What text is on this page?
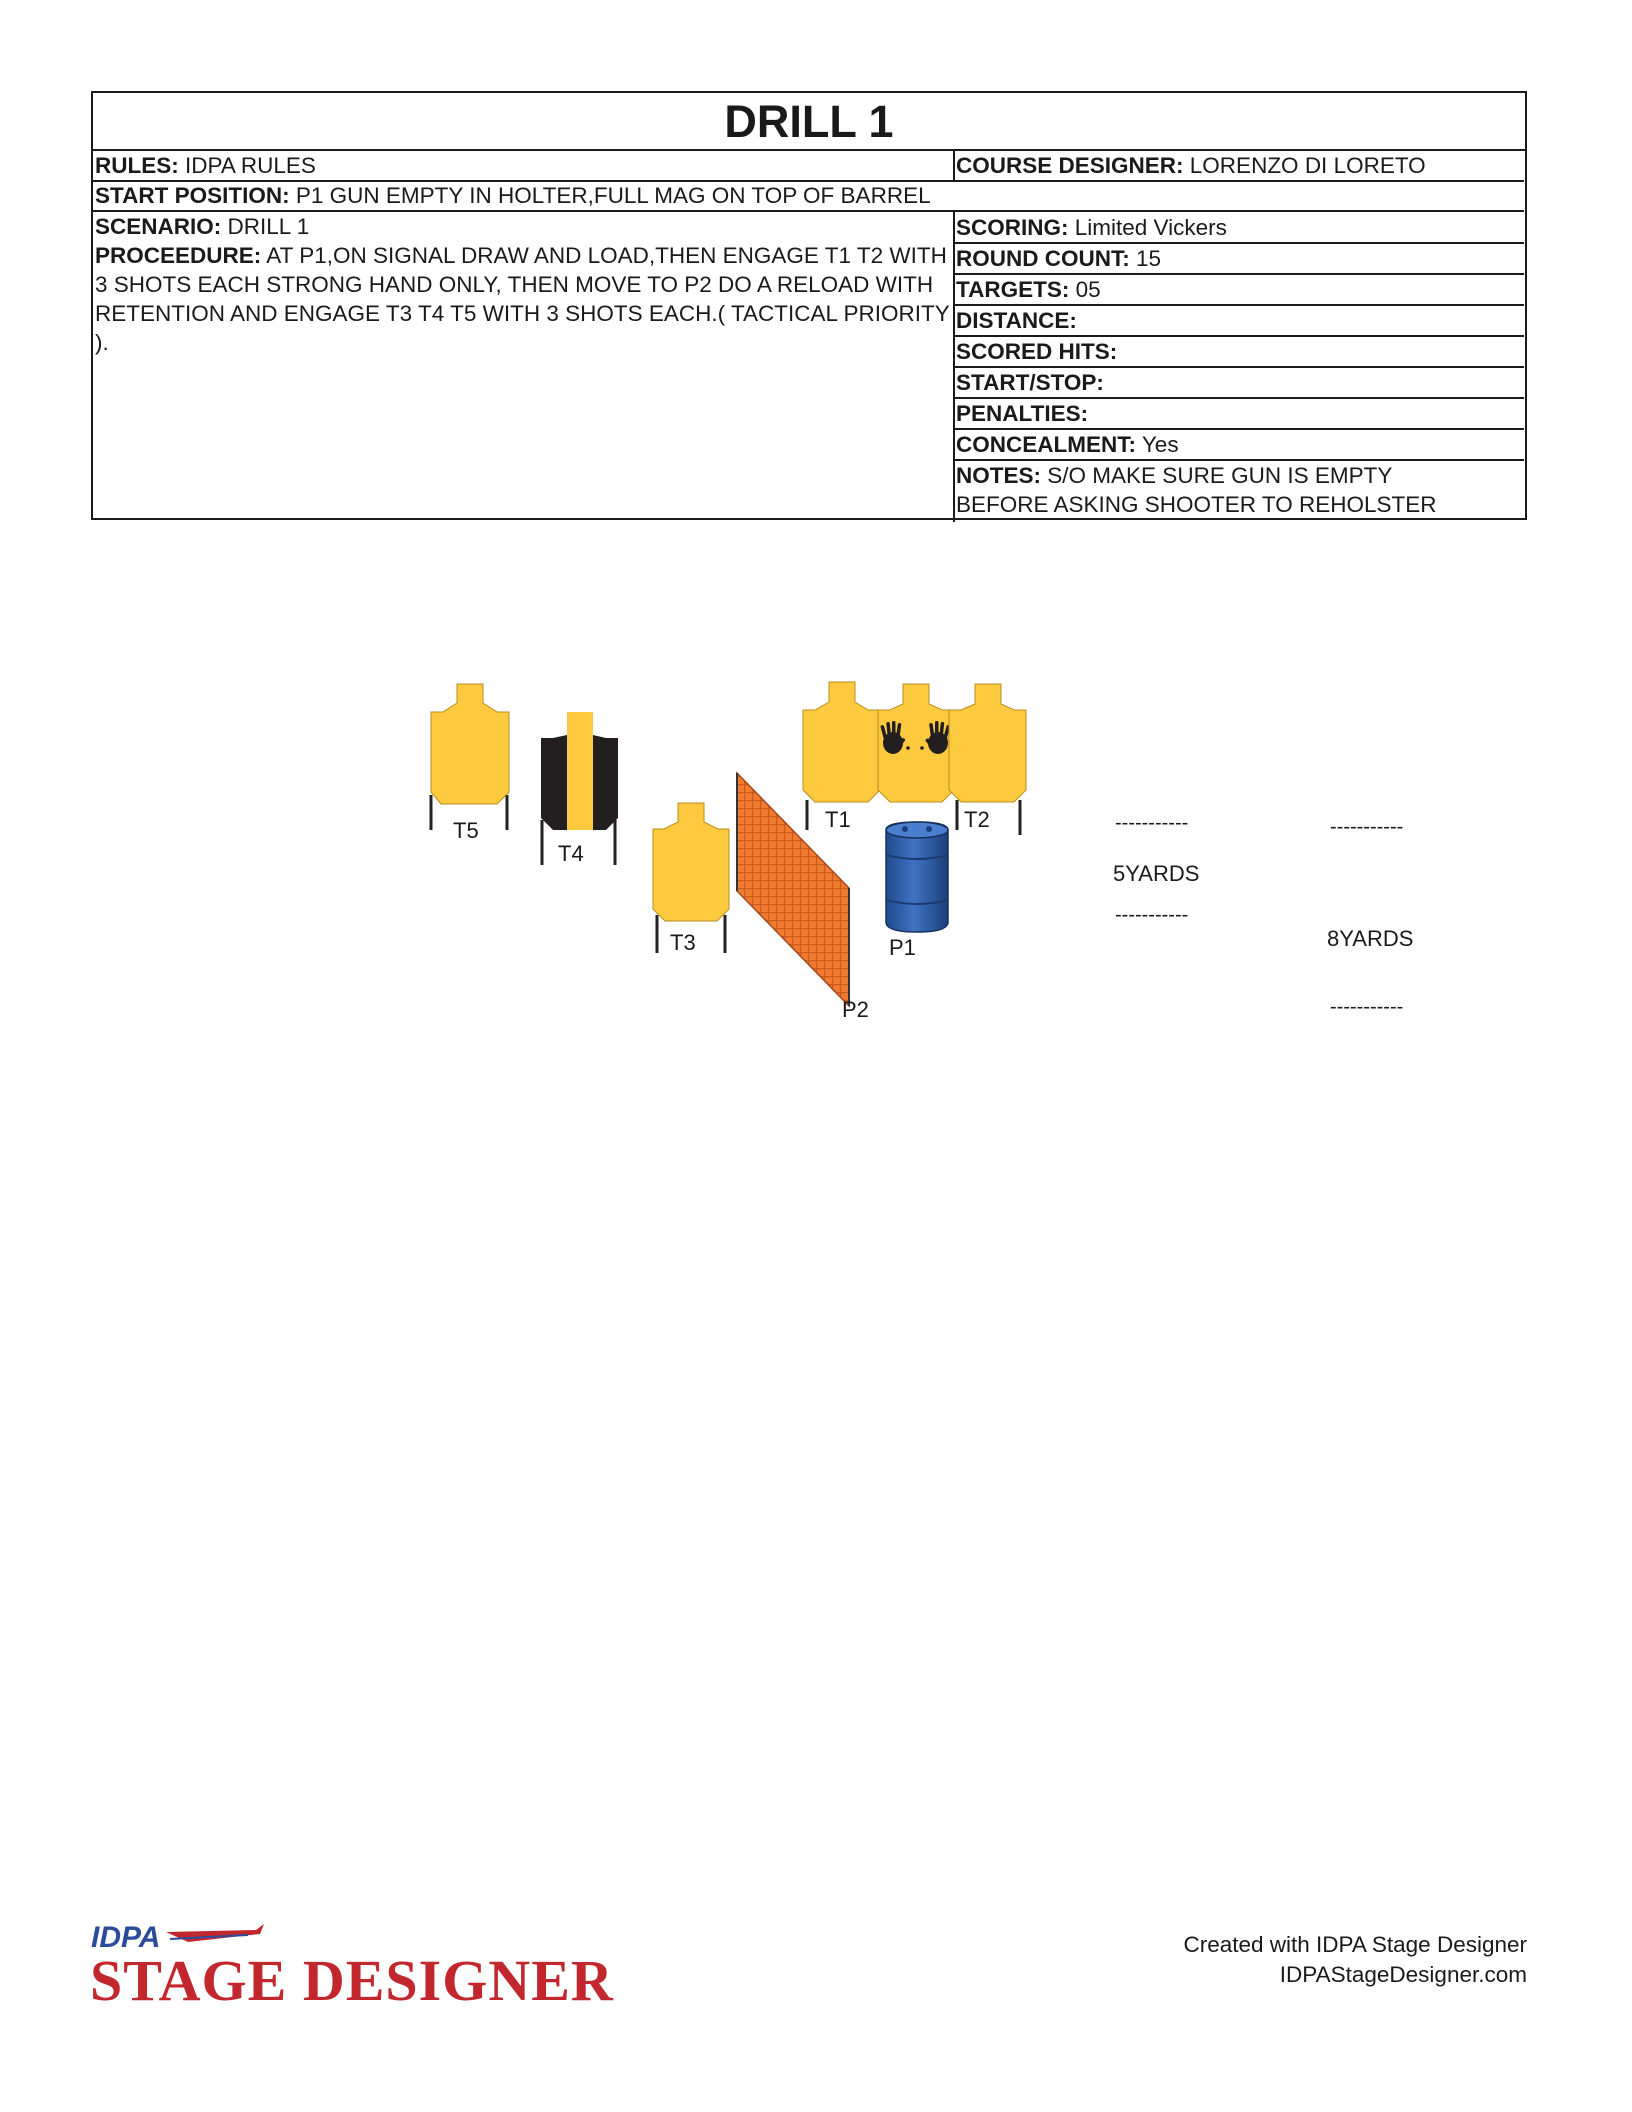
DRILL 1
RULES: IDPA RULES	COURSE DESIGNER: LORENZO DI LORETO
START POSITION: P1 GUN EMPTY IN HOLTER,FULL MAG ON TOP OF BARREL
SCENARIO: DRILL 1
PROCEEDURE: AT P1,ON SIGNAL DRAW AND LOAD,THEN ENGAGE T1 T2 WITH 3 SHOTS EACH STRONG HAND ONLY, THEN MOVE TO P2 DO A RELOAD WITH RETENTION AND ENGAGE T3 T4 T5 WITH 3 SHOTS EACH.( TACTICAL PRIORITY ).
SCORING: Limited Vickers
ROUND COUNT: 15
TARGETS: 05
DISTANCE:
SCORED HITS:
START/STOP:
PENALTIES:
CONCEALMENT: Yes
NOTES: S/O MAKE SURE GUN IS EMPTY
BEFORE ASKING SHOOTER TO REHOLSTER
T5
T4
T3
T1	T2
P1
P2
-----------
5YARDS
-----------
-----------
8YARDS
-----------
IDPA
STAGE DESIGNER
Created with IDPA Stage Designer
IDPAStageDesigner.com
